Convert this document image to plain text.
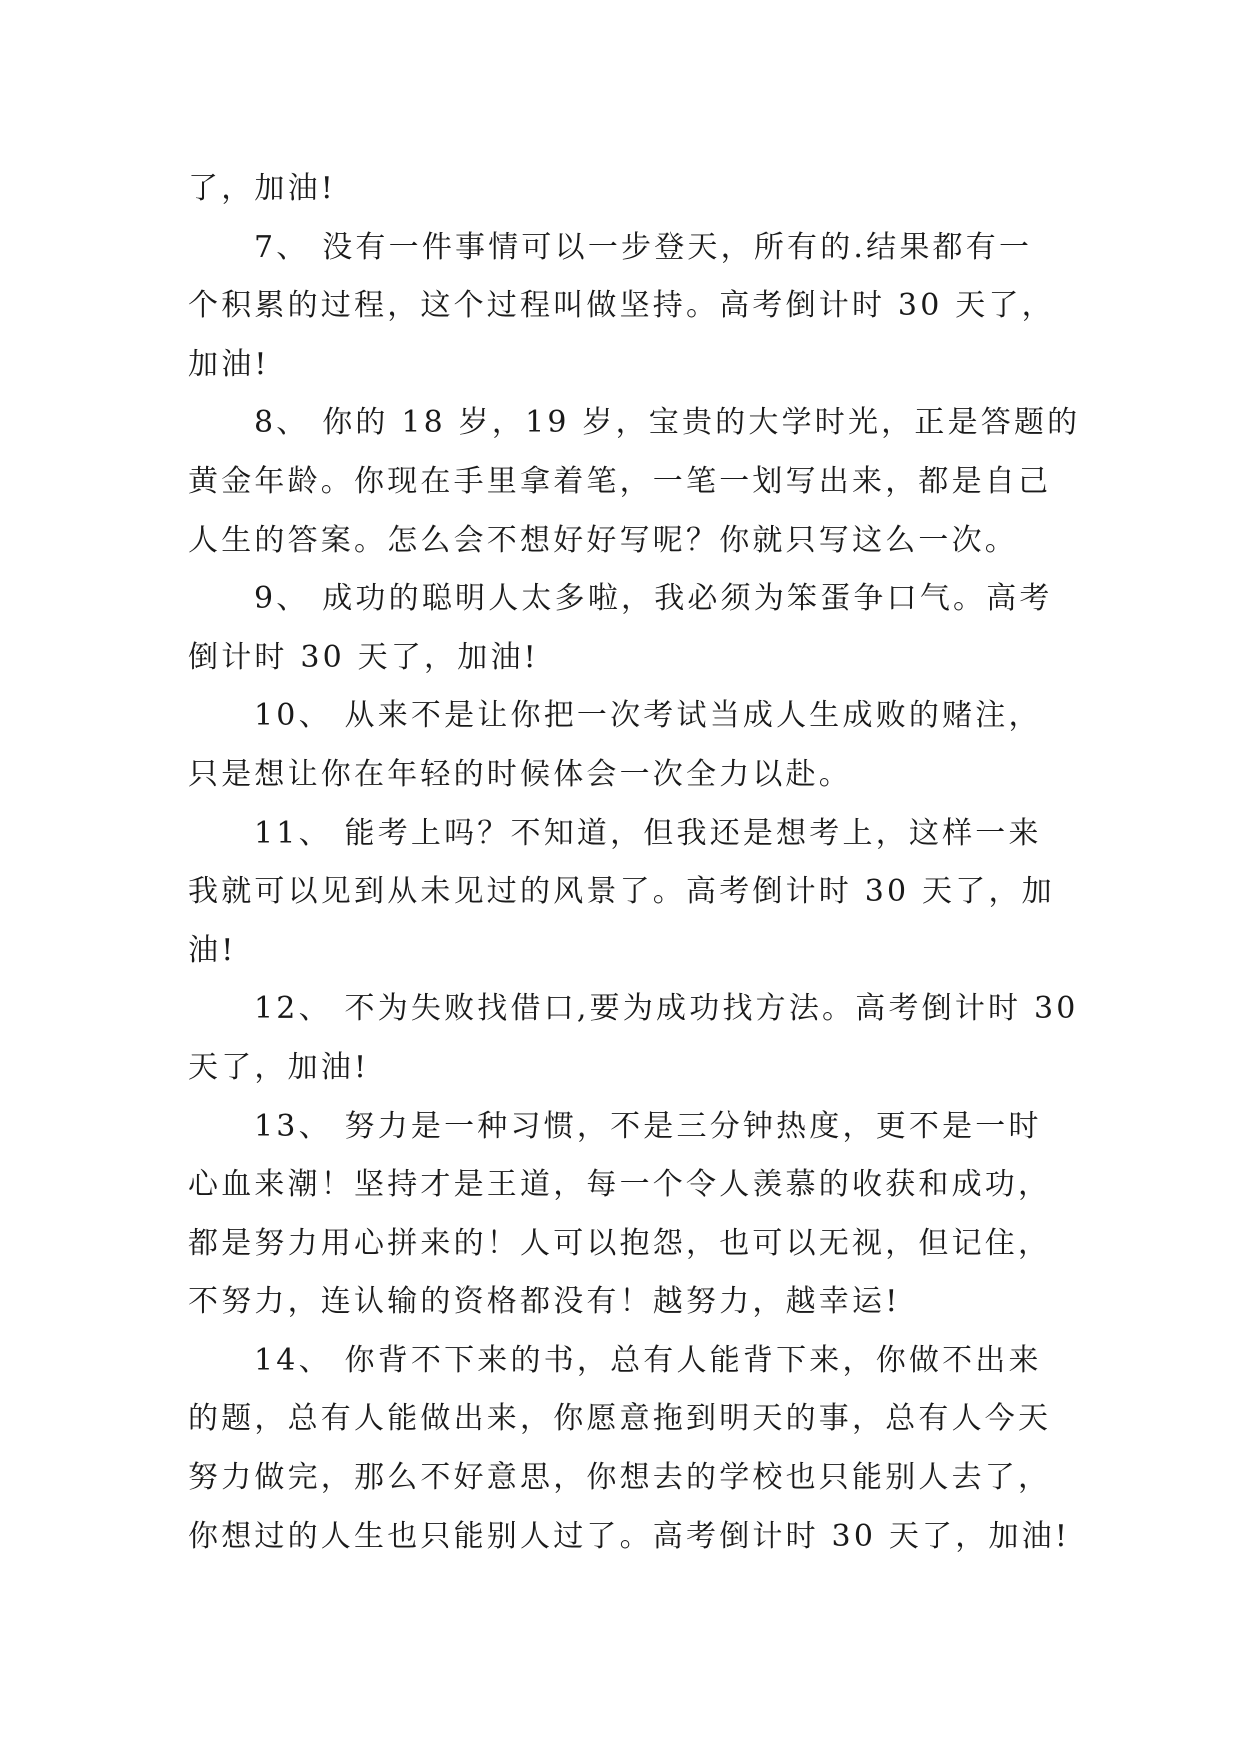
了，加油!
7、 没有一件事情可以一步登天，所有的.结果都有一
个积累的过程，这个过程叫做坚持。高考倒计时 30 天了，
加油!
8、 你的 18 岁，19 岁，宝贵的大学时光，正是答题的
黄金年龄。你现在手里拿着笔，一笔一划写出来，都是自己
人生的答案。怎么会不想好好写呢？你就只写这么一次。
9、 成功的聪明人太多啦，我必须为笨蛋争口气。高考
倒计时 30 天了，加油!
10、 从来不是让你把一次考试当成人生成败的赌注，
只是想让你在年轻的时候体会一次全力以赴。
11、 能考上吗？不知道，但我还是想考上，这样一来
我就可以见到从未见过的风景了。高考倒计时 30 天了，加
油!
12、 不为失败找借口,要为成功找方法。高考倒计时 30
天了，加油!
13、 努力是一种习惯，不是三分钟热度，更不是一时
心血来潮！坚持才是王道，每一个令人羡慕的收获和成功，
都是努力用心拼来的！人可以抱怨，也可以无视，但记住，
不努力，连认输的资格都没有！越努力，越幸运!
14、 你背不下来的书，总有人能背下来，你做不出来
的题，总有人能做出来，你愿意拖到明天的事，总有人今天
努力做完，那么不好意思，你想去的学校也只能别人去了，
你想过的人生也只能别人过了。高考倒计时 30 天了，加油!
